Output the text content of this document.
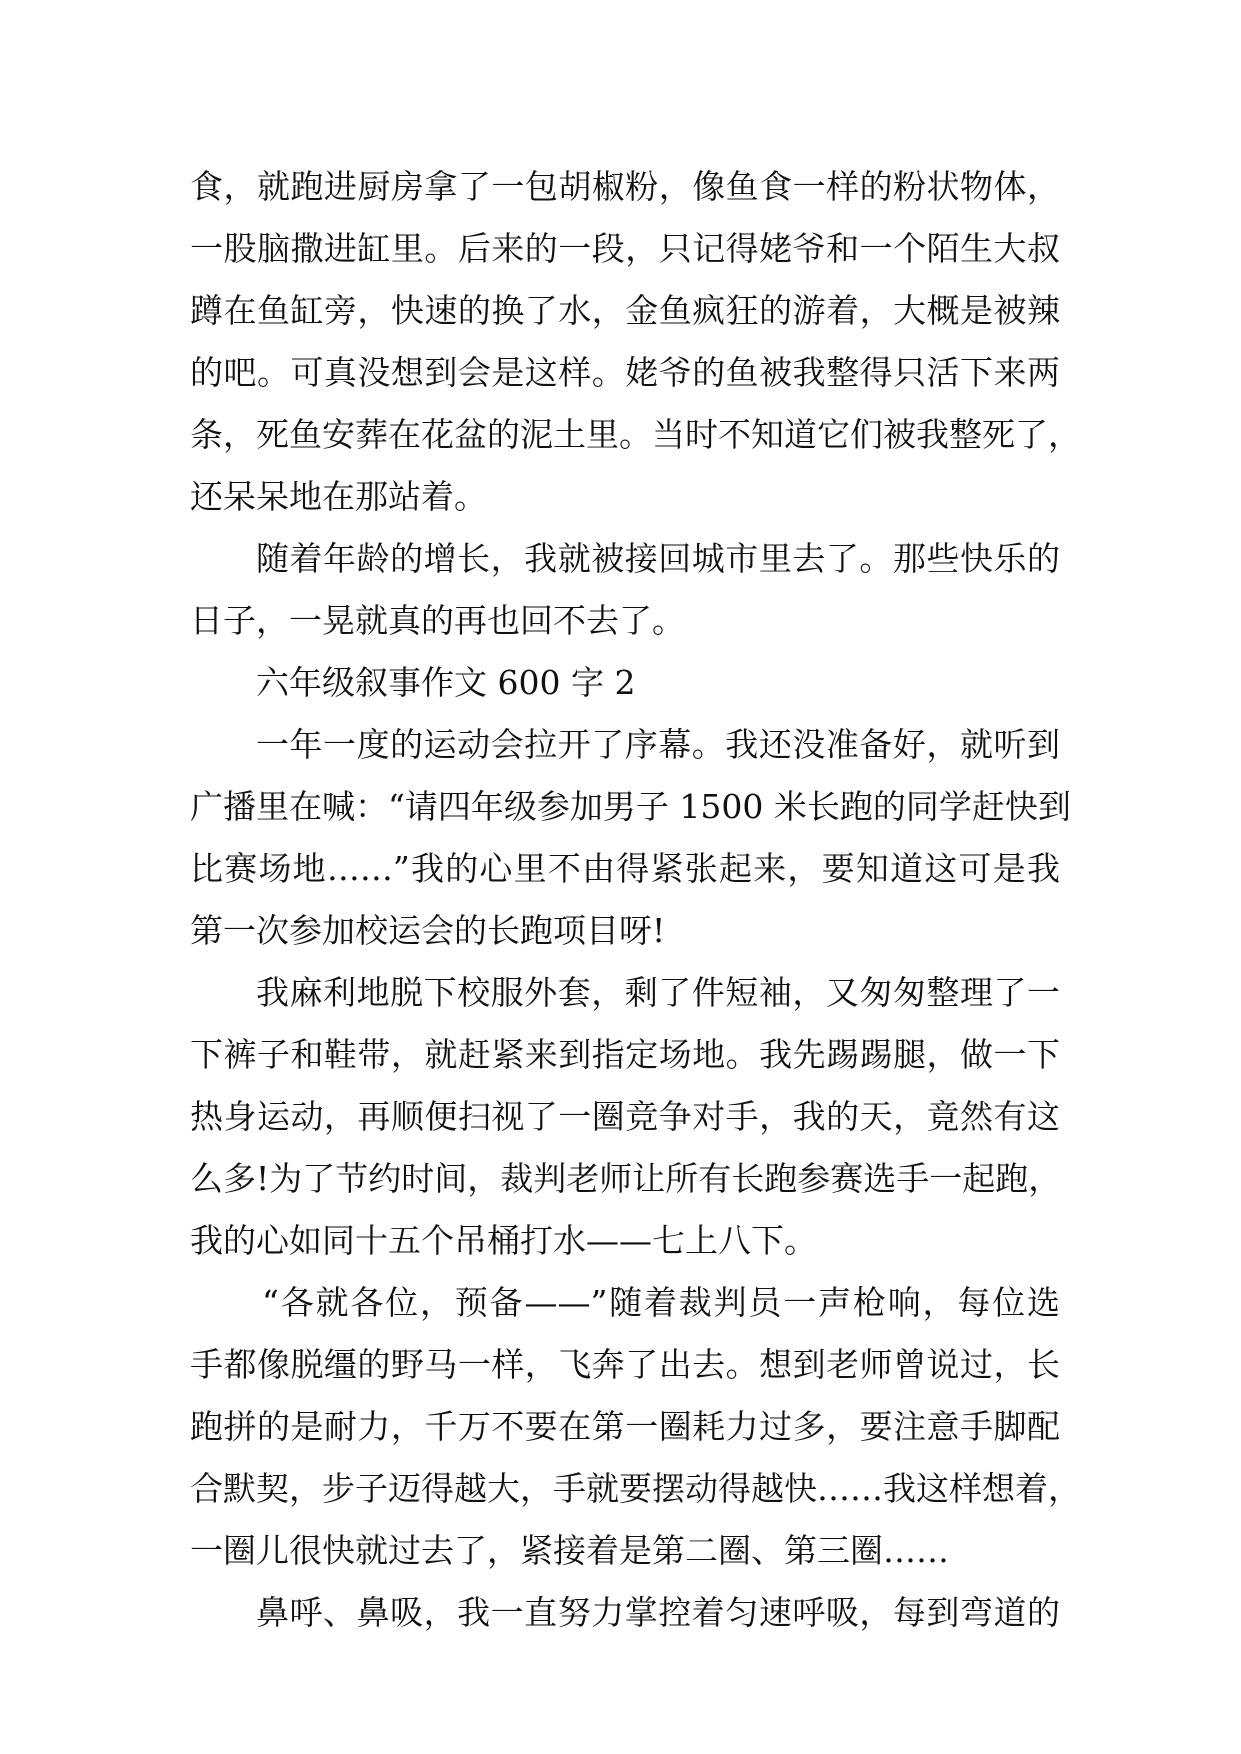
食，就跑进厨房拿了一包胡椒粉，像鱼食一样的粉状物体，
一股脑撒进缸里。后来的一段，只记得姥爷和一个陌生大叔
蹲在鱼缸旁，快速的换了水，金鱼疯狂的游着，大概是被辣
的吧。可真没想到会是这样。姥爷的鱼被我整得只活下来两
条，死鱼安葬在花盆的泥土里。当时不知道它们被我整死了，
还呆呆地在那站着。
随着年龄的增长，我就被接回城市里去了。那些快乐的
日子，一晃就真的再也回不去了。
六年级叙事作文 600 字 2
一年一度的运动会拉开了序幕。我还没准备好，就听到
广播里在喊：“请四年级参加男子 1500 米长跑的同学赶快到
比赛场地……”我的心里不由得紧张起来，要知道这可是我
第一次参加校运会的长跑项目呀!
我麻利地脱下校服外套，剩了件短袖，又匆匆整理了一
下裤子和鞋带，就赶紧来到指定场地。我先踢踢腿，做一下
热身运动，再顺便扫视了一圈竞争对手，我的天，竟然有这
么多!为了节约时间，裁判老师让所有长跑参赛选手一起跑，
我的心如同十五个吊桶打水——七上八下。
“各就各位，预备——”随着裁判员一声枪响，每位选
手都像脱缰的野马一样，飞奔了出去。想到老师曾说过，长
跑拼的是耐力，千万不要在第一圈耗力过多，要注意手脚配
合默契，步子迈得越大，手就要摆动得越快……我这样想着，
一圈儿很快就过去了，紧接着是第二圈、第三圈……
鼻呼、鼻吸，我一直努力掌控着匀速呼吸，每到弯道的
